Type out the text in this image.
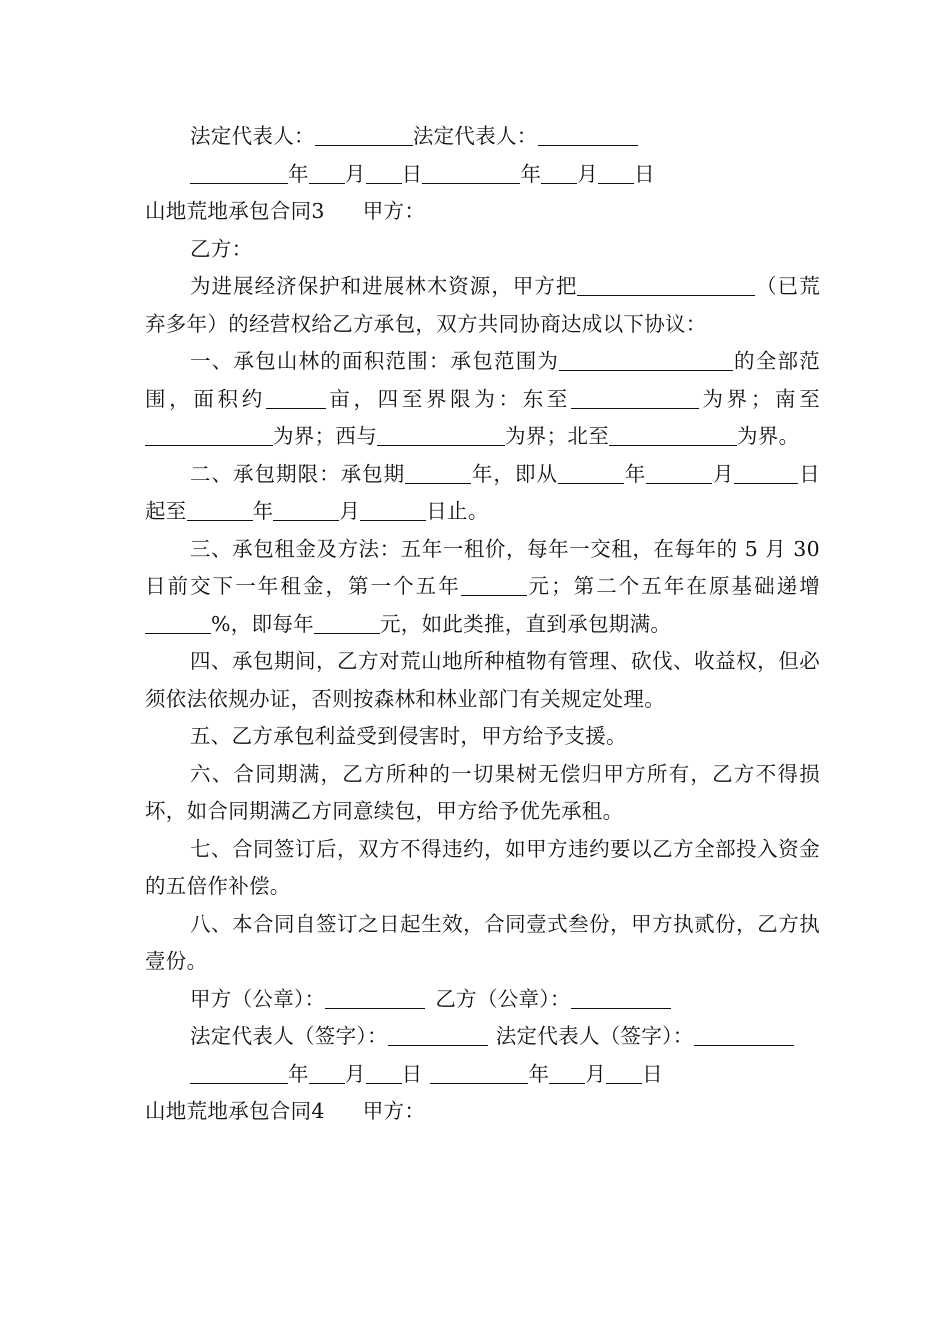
法定代表人：	法定代表人：

年 月 日	年 月 日

山地荒地承包合同3 甲方：

乙方：

为进展经济保护和进展林木资源，甲方把	（已荒弃多年）的经营权给乙方承包，双方共同协商达成以下协议：

一、承包山林的面积范围：承包范围为	的全部范围，面积约	亩，四至界限为：东至	为界；南至为界；西与	为界；北至	为界。

二、承包期限：承包期	年，即从	年	月	日起至	年	月	日止。

三、承包租金及方法：五年一租价，每年一交租，在每年的 5 月 30 日前交下一年租金，第一个五年	元；第二个五年在原基础递增%，即每年	元，如此类推，直到承包期满。

四、承包期间，乙方对荒山地所种植物有管理、砍伐、收益权，但必须依法依规办证，否则按森林和林业部门有关规定处理。

五、乙方承包利益受到侵害时，甲方给予支援。

六、合同期满，乙方所种的一切果树无偿归甲方所有，乙方不得损坏，如合同期满乙方同意续包，甲方给予优先承租。

七、合同签订后，双方不得违约，如甲方违约要以乙方全部投入资金的五倍作补偿。

八、本合同自签订之日起生效，合同壹式叁份，甲方执贰份，乙方执壹份。

甲方（公章）：	乙方（公章）：

法定代表人（签字）：	法定代表人（签字）：

年 月 日	年 月 日

山地荒地承包合同4 甲方：
